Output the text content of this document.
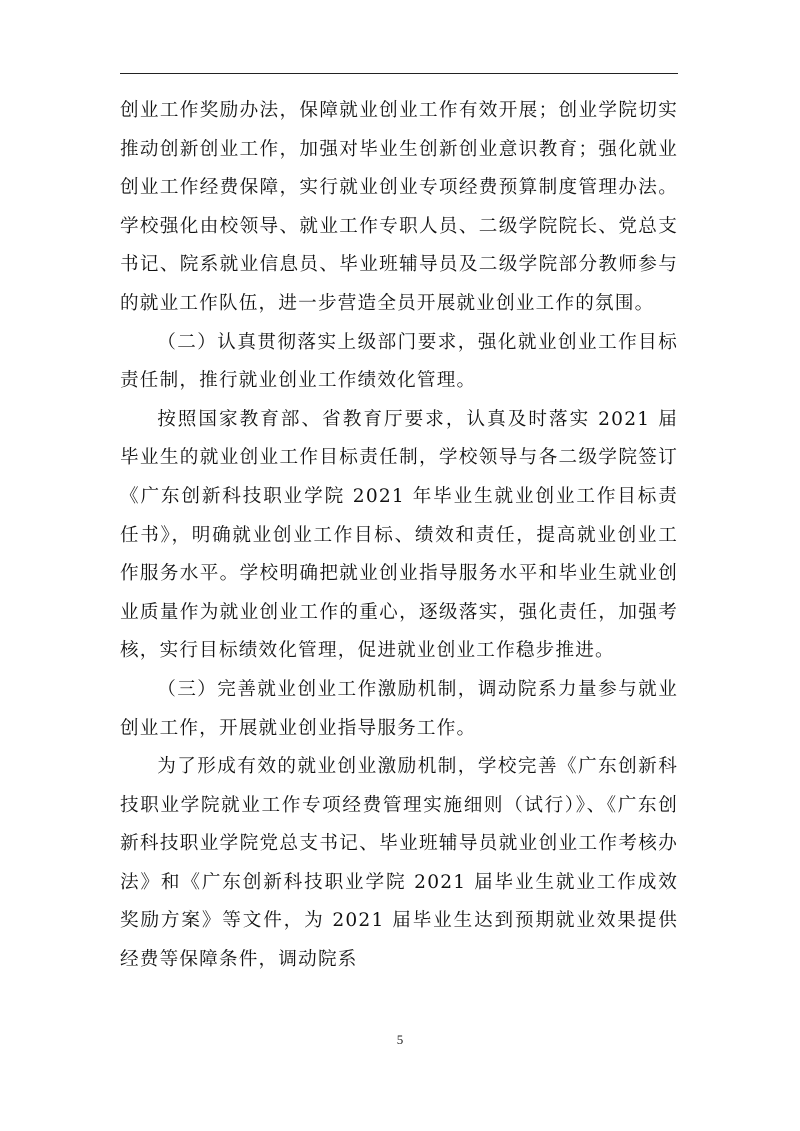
创业工作奖励办法，保障就业创业工作有效开展；创业学院切实推动创新创业工作，加强对毕业生创新创业意识教育；强化就业创业工作经费保障，实行就业创业专项经费预算制度管理办法。学校强化由校领导、就业工作专职人员、二级学院院长、党总支书记、院系就业信息员、毕业班辅导员及二级学院部分教师参与的就业工作队伍，进一步营造全员开展就业创业工作的氛围。

（二）认真贯彻落实上级部门要求，强化就业创业工作目标责任制，推行就业创业工作绩效化管理。

按照国家教育部、省教育厅要求，认真及时落实 2021 届毕业生的就业创业工作目标责任制，学校领导与各二级学院签订《广东创新科技职业学院 2021 年毕业生就业创业工作目标责任书》，明确就业创业工作目标、绩效和责任，提高就业创业工作服务水平。学校明确把就业创业指导服务水平和毕业生就业创业质量作为就业创业工作的重心，逐级落实，强化责任，加强考核，实行目标绩效化管理，促进就业创业工作稳步推进。

（三）完善就业创业工作激励机制，调动院系力量参与就业创业工作，开展就业创业指导服务工作。

为了形成有效的就业创业激励机制，学校完善《广东创新科技职业学院就业工作专项经费管理实施细则（试行）》、《广东创新科技职业学院党总支书记、毕业班辅导员就业创业工作考核办法》和《广东创新科技职业学院 2021 届毕业生就业工作成效奖励方案》等文件，为 2021 届毕业生达到预期就业效果提供经费等保障条件，调动院系

5
